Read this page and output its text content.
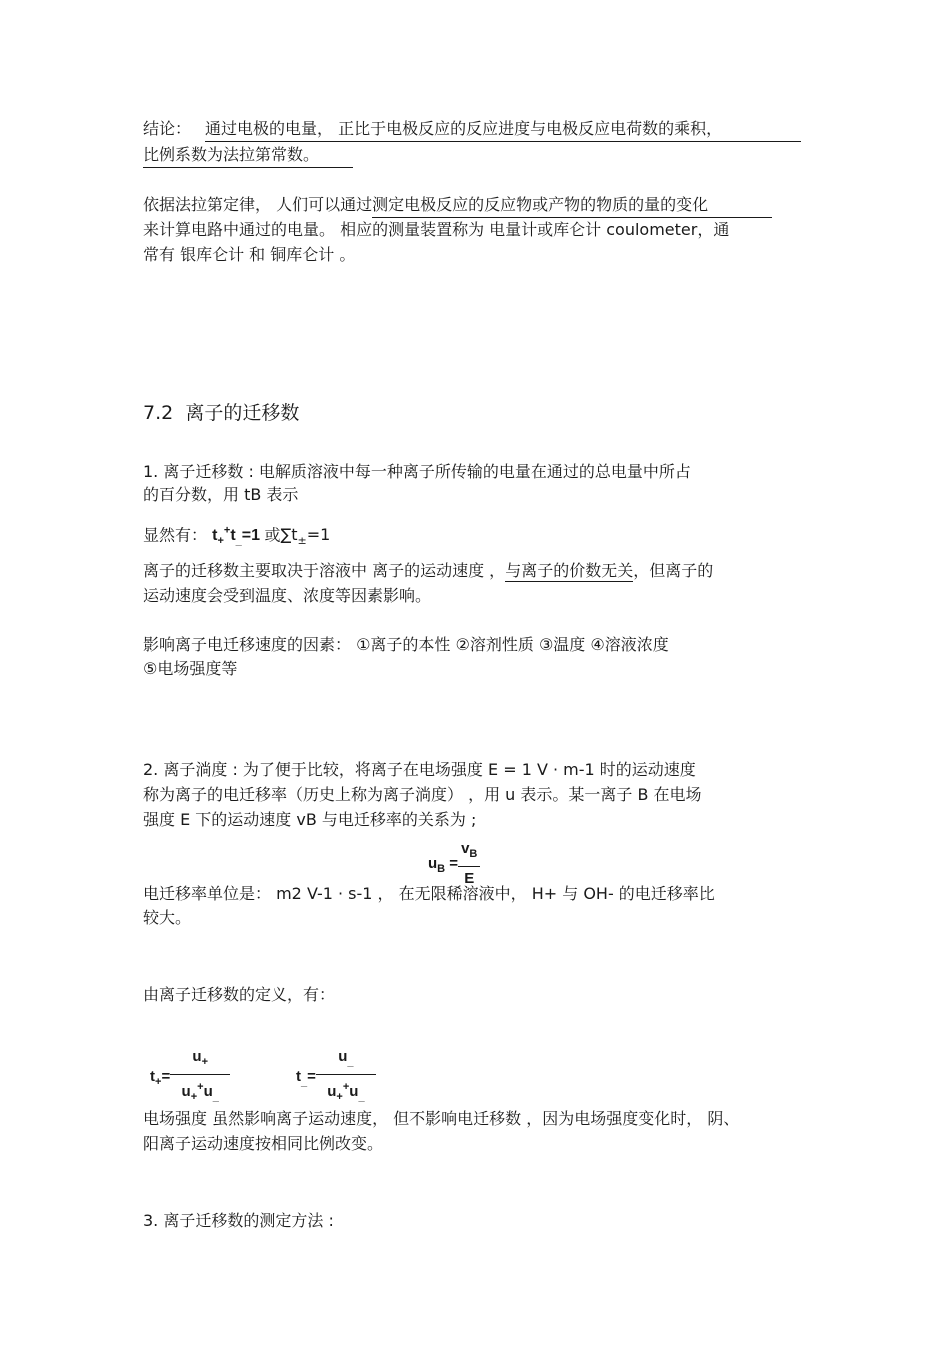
结论： 通过电极的电量， 正比于电极反应的反应进度与电极反应电荷数的乘积，
比例系数为法拉第常数。
依据法拉第定律， 人们可以通过测定电极反应的反应物或产物的物质的量的变化
来计算电路中通过的电量。 相应的测量装置称为 电量计或库仑计 coulometer，通
常有 银库仑计 和 铜库仑计 。
7.2 离子的迁移数
1. 离子迁移数 : 电解质溶液中每一种离子所传输的电量在通过的总电量中所占
的百分数，用 tB 表示
显然有： $t_+^+t_{\_}=1$ 或$\sum t_\pm=1$
离子的迁移数主要取决于溶液中 离子的运动速度 ，与离子的价数无关，但离子的
运动速度会受到温度、浓度等因素影响。
影响离子电迁移速度的因素： ①离子的本性 ②溶剂性质 ③温度 ④溶液浓度
⑤电场强度等
2. 离子淌度 : 为了便于比较，将离子在电场强度 E = 1 V · m-1 时的运动速度
称为离子的电迁移率（历史上称为离子淌度） ，用 u 表示。某一离子 B 在电场
强度 E 下的运动速度 vB 与电迁移率的关系为 ;
$u_B = \frac{v_B}{E}$
电迁移率单位是： m2 V-1 · s-1 ， 在无限稀溶液中， H+ 与 OH- 的电迁移率比
较大。
由离子迁移数的定义，有：
$t_+= \frac{u_+}{u_+^+u_{\_}}$	$t_{\_}= \frac{u_{\_}}{u_+^+u_{\_}}$
电场强度 虽然影响离子运动速度， 但不影响电迁移数 ，因为电场强度变化时， 阴、
阳离子运动速度按相同比例改变。
3. 离子迁移数的测定方法 :
